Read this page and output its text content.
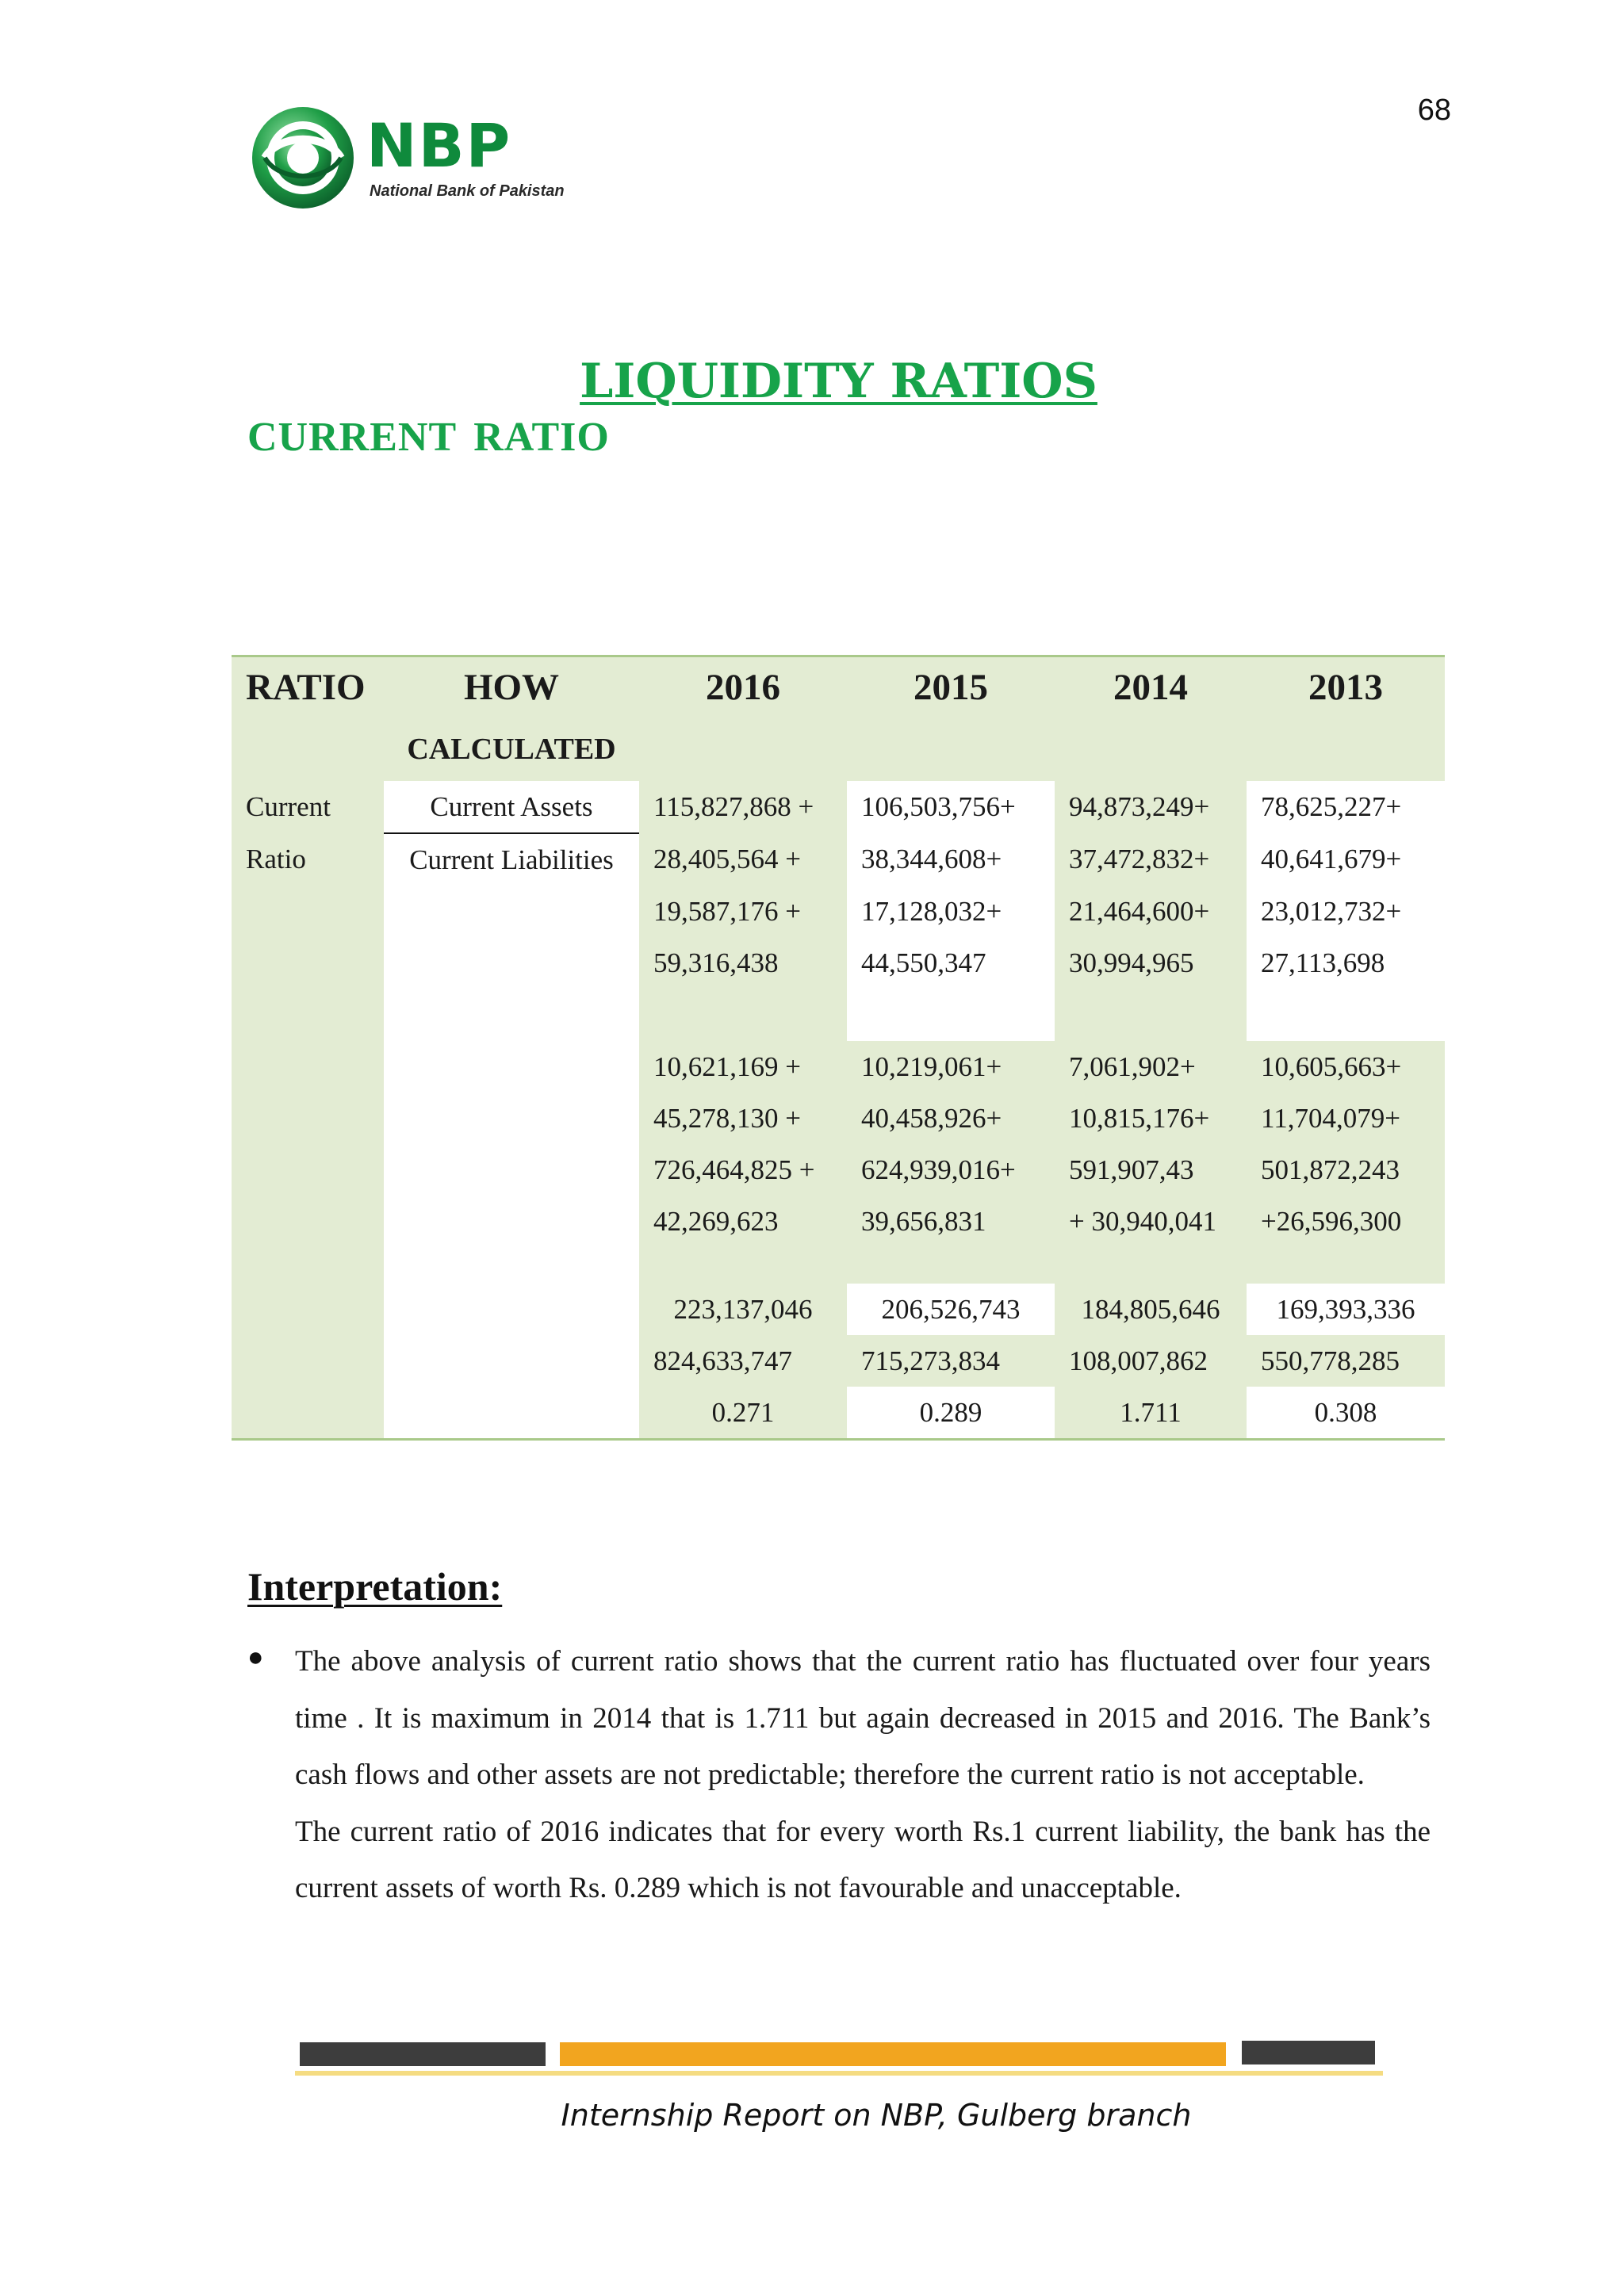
68
NBP
National Bank of Pakistan
LIQUIDITY RATIOS
CURRENT RATIO
RATIO	HOW	2016	2015	2014	2013
	CALCULATED				
Current	Current Assets	115,827,868 +	106,503,756+	94,873,249+	78,625,227+
Ratio	Current Liabilities	28,405,564 +	38,344,608+	37,472,832+	40,641,679+
		19,587,176 +	17,128,032+	21,464,600+	23,012,732+
		59,316,438	44,550,347	30,994,965	27,113,698

		10,621,169 +	10,219,061+	7,061,902+	10,605,663+
		45,278,130 +	40,458,926+	10,815,176+	11,704,079+
		726,464,825 +	624,939,016+	591,907,43	501,872,243
		42,269,623	39,656,831	+ 30,940,041	+26,596,300

		223,137,046	206,526,743	184,805,646	169,393,336
		824,633,747	715,273,834	108,007,862	550,778,285
		0.271	0.289	1.711	0.308
Interpretation:
● The above analysis of current ratio shows that the current ratio has fluctuated over four years time . It is maximum in 2014 that is 1.711 but again decreased in 2015 and 2016. The Bank’s cash flows and other assets are not predictable; therefore the current ratio is not acceptable.

The current ratio of 2016 indicates that for every worth Rs.1 current liability, the bank has the current assets of worth Rs. 0.289 which is not favourable and unacceptable.

Internship Report on NBP, Gulberg branch
